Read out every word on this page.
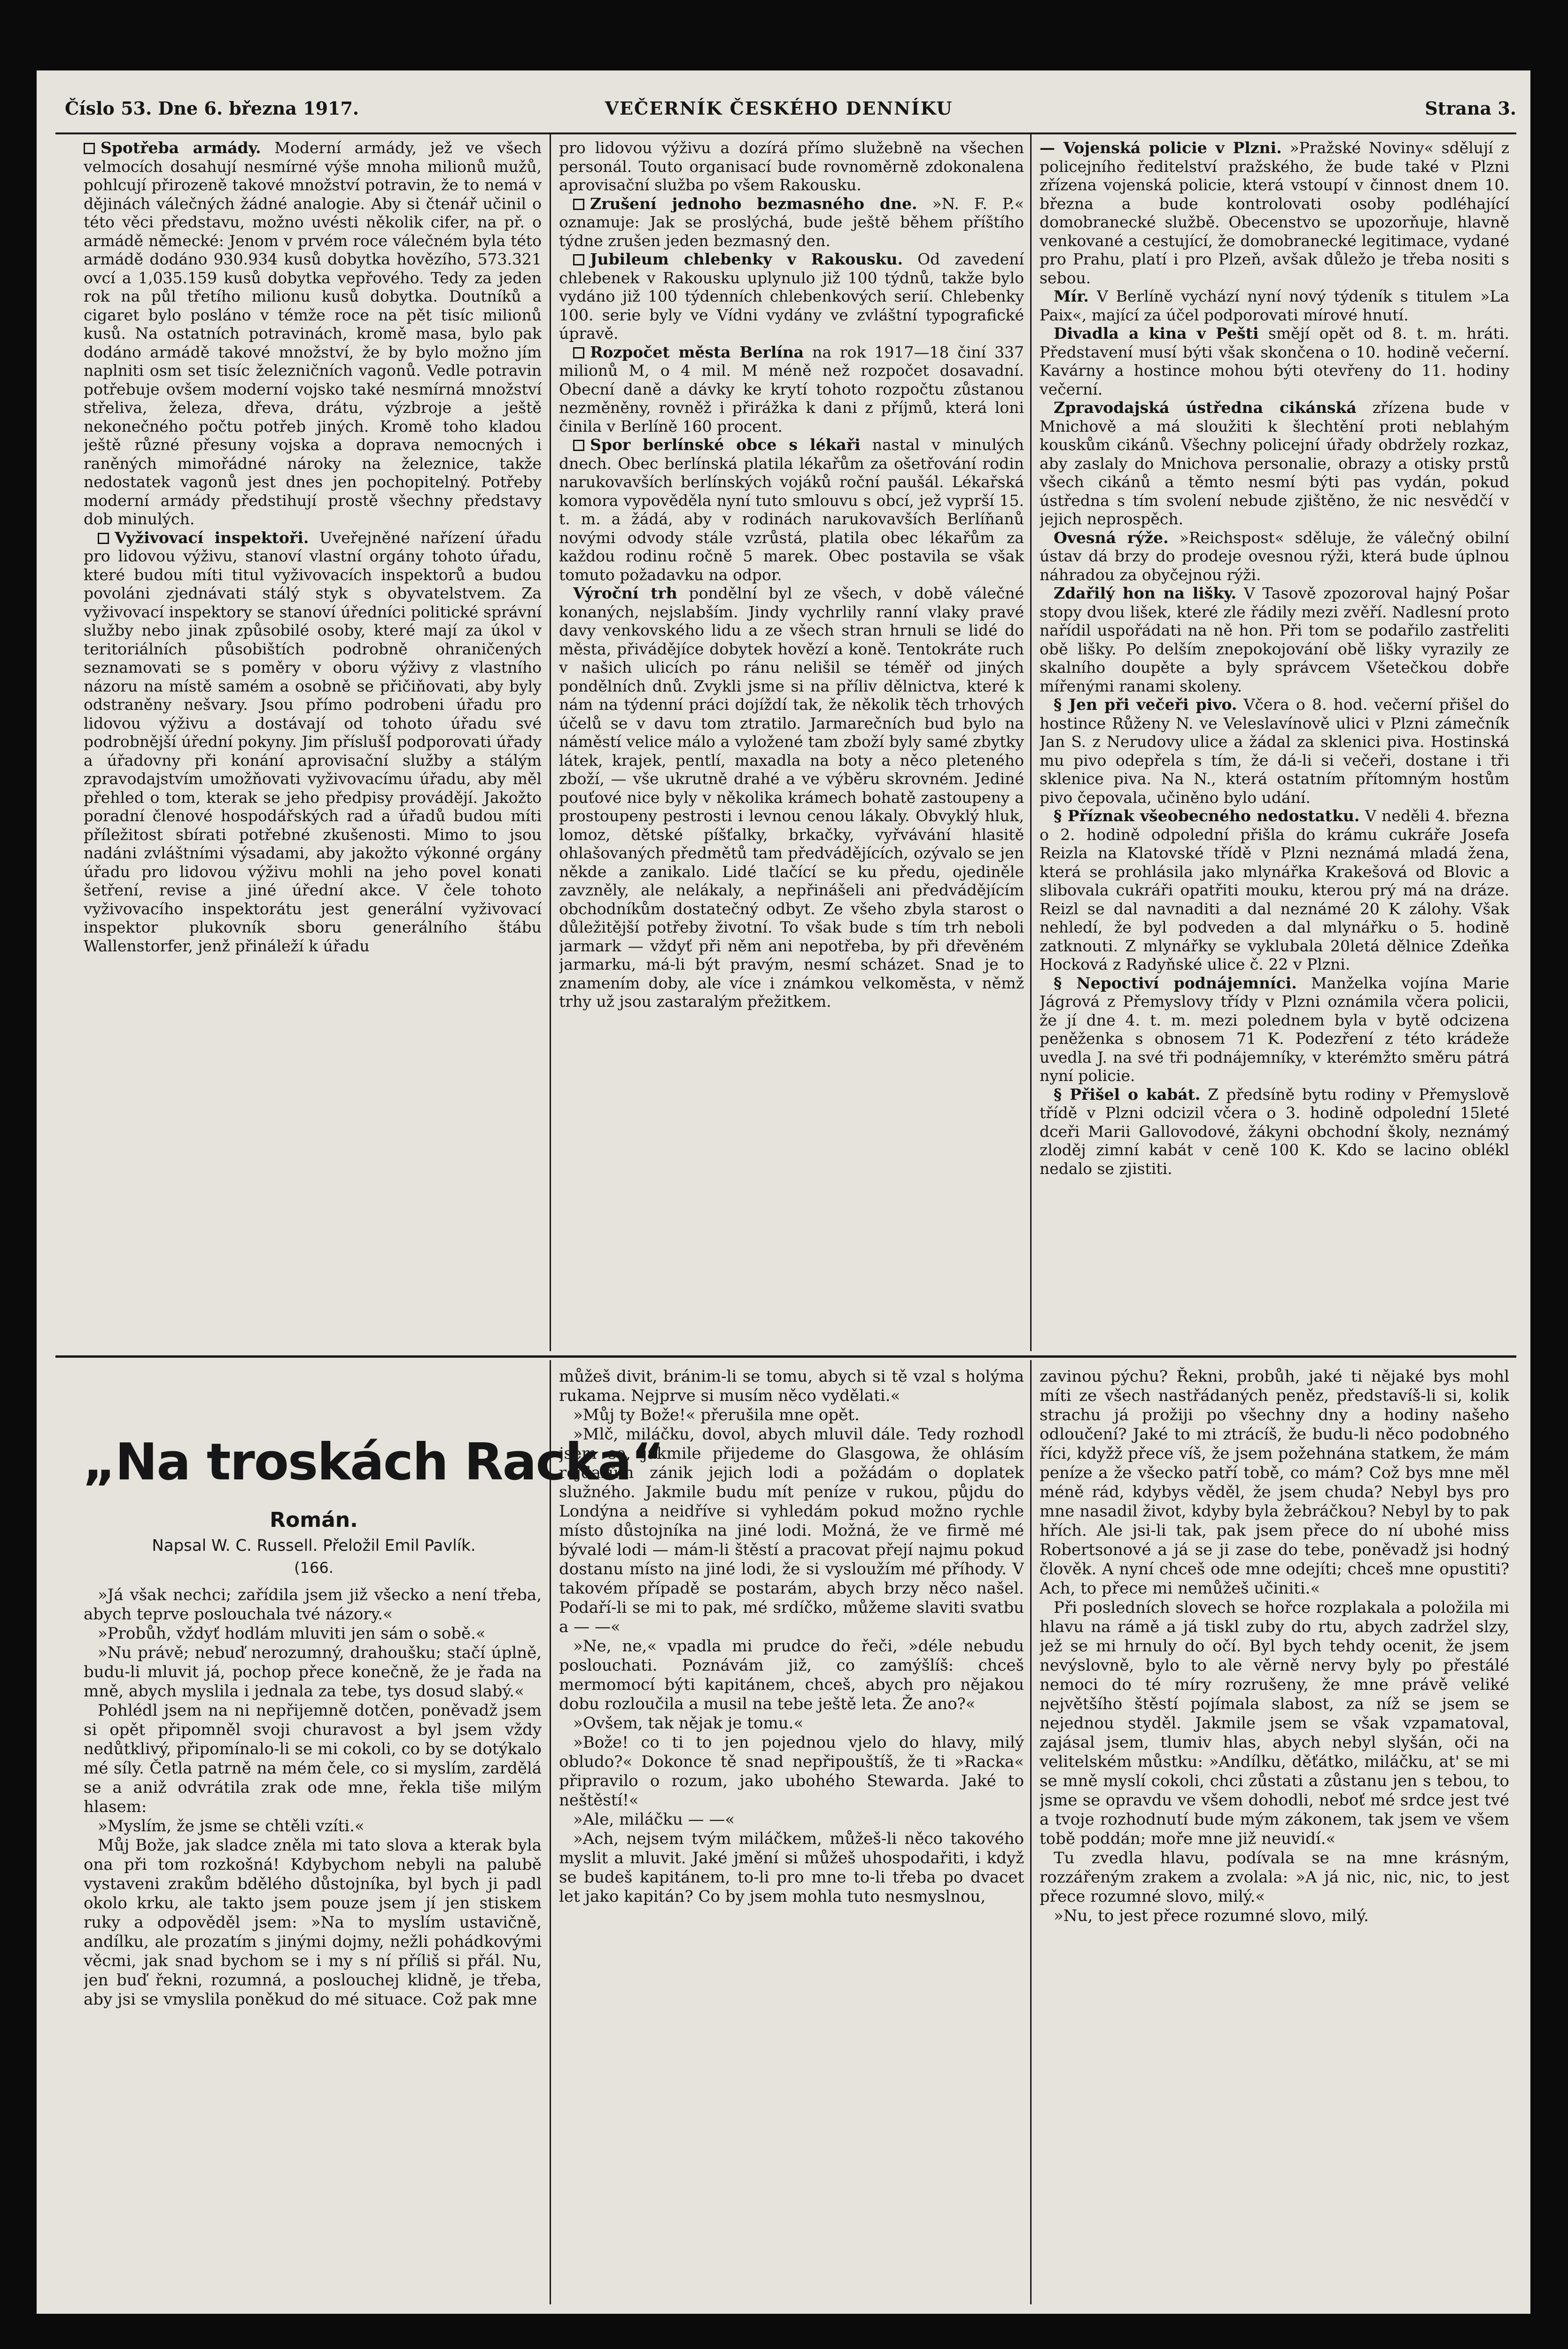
Číslo 53. Dne 6. března 1917.	VEČERNÍK ČESKÉHO DENNÍKU	Strana 3.

Spotřeba armády. Moderní armády, jež ve všech velmocích dosahují nesmírné výše mnoha milionů mužů, pohlcují přirozeně takové množství potravin, že to nemá v dějinách válečných žádné analogie. Aby si čtenář učinil o této věci představu, možno uvésti několik cifer, na př. o armádě německé: Jenom v prvém roce válečném byla této armádě dodáno 930.934 kusů dobytka hovězího, 573.321 ovcí a 1,035.159 kusů dobytka vepřového. Tedy za jeden rok na půl třetího milionu kusů dobytka. Doutníků a cigaret bylo posláno v témže roce na pět tisíc milionů kusů. Na ostatních potravinách, kromě masa, bylo pak dodáno armádě takové množství, že by bylo možno jím naplniti osm set tisíc železničních vagonů. Vedle potravin potřebuje ovšem moderní vojsko také nesmírná množství střeliva, železa, dřeva, drátu, výzbroje a ještě nekonečného počtu potřeb jiných. Kromě toho kladou ještě různé přesuny vojska a doprava nemocných i raněných mimořádné nároky na železnice, takže nedostatek vagonů jest dnes jen pochopitelný. Potřeby moderní armády předstihují prostě všechny představy dob minulých.

Vyživovací inspektoři. Uveřejněné nařízení úřadu pro lidovou výživu, stanoví vlastní orgány tohoto úřadu, které budou míti titul vyživovacích inspektorů a budou povoláni zjednávati stálý styk s obyvatelstvem. Za vyživovací inspektory se stanoví úředníci politické správní služby nebo jinak způsobilé osoby, které mají za úkol v teritoriálních působištích podrobně ohraničených seznamovati se s poměry v oboru výživy z vlastního názoru na místě samém a osobně se přičiňovati, aby byly odstraněny nešvary. Jsou přímo podrobeni úřadu pro lidovou výživu a dostávají od tohoto úřadu své podrobnější úřední pokyny. Jim příslušÍ podporovati úřady a úřadovny při konání aprovisační služby a stálým zpravodajstvím umožňovati vyživovacímu úřadu, aby měl přehled o tom, kterak se jeho předpisy provádějí. Jakožto poradní členové hospodářských rad a úřadů budou míti příležitost sbírati potřebné zkušenosti. Mimo to jsou nadáni zvláštními výsadami, aby jakožto výkonné orgány úřadu pro lidovou výživu mohli na jeho povel konati šetření, revise a jiné úřední akce. V čele tohoto vyživovacího inspektorátu jest generální vyživovací inspektor plukovník sboru generálního štábu Wallenstorfer, jenž přináleží k úřadu

pro lidovou výživu a dozírá přímo služebně na všechen personál. Touto organisací bude rovnoměrně zdokonalena aprovisační služba po všem Rakousku.

Zrušení jednoho bezmasného dne. »N. F. P.« oznamuje: Jak se proslýchá, bude ještě během příštího týdne zrušen jeden bezmasný den.

Jubileum chlebenky v Rakousku. Od zavedení chlebenek v Rakousku uplynulo již 100 týdnů, takže bylo vydáno již 100 týdenních chlebenkových serií. Chlebenky 100. serie byly ve Vídni vydány ve zvláštní typografické úpravě.

Rozpočet města Berlína na rok 1917—18 činí 337 milionů M, o 4 mil. M méně než rozpočet dosavadní. Obecní daně a dávky ke krytí tohoto rozpočtu zůstanou nezměněny, rovněž i přirážka k dani z příjmů, která loni činila v Berlíně 160 procent.

Spor berlínské obce s lékaři nastal v minulých dnech. Obec berlínská platila lékařům za ošetřování rodin narukovavších berlínských vojáků roční paušál. Lékařská komora vypověděla nyní tuto smlouvu s obcí, jež vyprší 15. t. m. a žádá, aby v rodinách narukovavších Berlíňanů novými odvody stále vzrůstá, platila obec lékařům za každou rodinu ročně 5 marek. Obec postavila se však tomuto požadavku na odpor.

Výroční trh pondělní byl ze všech, v době válečné konaných, nejslabším. Jindy vychrlily ranní vlaky pravé davy venkovského lidu a ze všech stran hrnuli se lidé do města, přivádějíce dobytek hovězí a koně. Tentokráte ruch v našich ulicích po ránu nelišil se téměř od jiných pondělních dnů. Zvykli jsme si na příliv dělnictva, které k nám na týdenní práci dojíždí tak, že několik těch trhových účelů se v davu tom ztratilo. Jarmarečních bud bylo na náměstí velice málo a vyložené tam zboží byly samé zbytky látek, krajek, pentlí, maxadla na boty a něco pleteného zboží, — vše ukrutně drahé a ve výběru skrovném. Jediné pouťové nice byly v několika krámech bohatě zastoupeny a prostoupeny pestrosti i levnou cenou lákaly. Obvyklý hluk, lomoz, dětské píšťalky, brkačky, vyřvávání hlasitě ohlašovaných předmětů tam předvádějících, ozývalo se jen někde a zanikalo. Lidé tlačící se ku předu, ojediněle zavzněly, ale nelákaly, a nepřinášeli ani předvádějícím obchodníkům dostatečný odbyt. Ze všeho zbyla starost o důležitější potřeby životní. To však bude s tím trh neboli jarmark — vždyť při něm ani nepotřeba, by při dřevěném jarmarku, má-li být pravým, nesmí scházet. Snad je to znamením doby, ale více i známkou velkoměsta, v němž trhy už jsou zastaralým přežitkem.

— Vojenská policie v Plzni. »Pražské Noviny« sdělují z policejního ředitelství pražského, že bude také v Plzni zřízena vojenská policie, která vstoupí v činnost dnem 10. března a bude kontrolovati osoby podléhající domobranecké službě. Obecenstvo se upozorňuje, hlavně venkované a cestující, že domobranecké legitimace, vydané pro Prahu, platí i pro Plzeň, avšak důležo je třeba nositi s sebou.

Mír. V Berlíně vychází nyní nový týdeník s titulem »La Paix«, mající za účel podporovati mírové hnutí.

Divadla a kina v Pešti smějí opět od 8. t. m. hráti. Představení musí býti však skončena o 10. hodině večerní. Kavárny a hostince mohou býti otevřeny do 11. hodiny večerní.

Zpravodajská ústředna cikánská zřízena bude v Mnichově a má sloužiti k šlechtění proti neblahým kouskům cikánů. Všechny policejní úřady obdržely rozkaz, aby zaslaly do Mnichova personalie, obrazy a otisky prstů všech cikánů a těmto nesmí býti pas vydán, pokud ústředna s tím svolení nebude zjištěno, že nic nesvědčí v jejich neprospěch.

Ovesná rýže. »Reichspost« sděluje, že válečný obilní ústav dá brzy do prodeje ovesnou rýži, která bude úplnou náhradou za obyčejnou rýži.

Zdařilý hon na lišky. V Tasově zpozoroval hajný Pošar stopy dvou lišek, které zle řádily mezi zvěří. Nadlesní proto nařídil uspořádati na ně hon. Při tom se podařilo zastřeliti obě lišky. Po delším znepokojování obě lišky vyrazily ze skalního doupěte a byly správcem Všetečkou dobře mířenými ranami skoleny.

§ Jen při večeři pivo. Včera o 8. hod. večerní přišel do hostince Růženy N. ve Veleslavínově ulici v Plzni zámečník Jan S. z Nerudovy ulice a žádal za sklenici piva. Hostinská mu pivo odepřela s tím, že dá-li si večeři, dostane i tři sklenice piva. Na N., která ostatním přítomným hostům pivo čepovala, učiněno bylo udání.

§ Příznak všeobecného nedostatku. V neděli 4. března o 2. hodině odpolední přišla do krámu cukráře Josefa Reizla na Klatovské třídě v Plzni neznámá mladá žena, která se prohlásila jako mlynářka Krakešová od Blovic a slibovala cukráři opatřiti mouku, kterou prý má na dráze. Reizl se dal navnaditi a dal neznámé 20 K zálohy. Však nehledí, že byl podveden a dal mlynářku o 5. hodině zatknouti. Z mlynářky se vyklubala 20letá dělnice Zdeňka Hocková z Radyňské ulice č. 22 v Plzni.

§ Nepoctiví podnájemníci. Manželka vojína Marie Jágrová z Přemyslovy třídy v Plzni oznámila včera policii, že jí dne 4. t. m. mezi polednem byla v bytě odcizena peněženka s obnosem 71 K. Podezření z této krádeže uvedla J. na své tři podnájemníky, v kterémžto směru pátrá nyní policie.

§ Přišel o kabát. Z předsíně bytu rodiny v Přemyslově třídě v Plzni odcizil včera o 3. hodině odpolední 15leté dceři Marii Gallovodové, žákyni obchodní školy, neznámý zloděj zimní kabát v ceně 100 K. Kdo se lacino oblékl nedalo se zjistiti.

„Na troskách Racka“
Román.
Napsal W. C. Russell. Přeložil Emil Pavlík.
(166.

»Já však nechci; zařídila jsem již všecko a není třeba, abych teprve poslouchala tvé názory.«

»Probůh, vždyť hodlám mluviti jen sám o sobě.«

»Nu právě; nebuď nerozumný, drahoušku; stačí úplně, budu-li mluvit já, pochop přece konečně, že je řada na mně, abych myslila i jednala za tebe, tys dosud slabý.«

Pohlédl jsem na ni nepřijemně dotčen, poněvadž jsem si opět připomněl svoji churavost a byl jsem vždy nedůtklivý, připomínalo-li se mi cokoli, co by se dotýkalo mé síly. Četla patrně na mém čele, co si myslím, zardělá se a aniž odvrátila zrak ode mne, řekla tiše milým hlasem:

»Myslím, že jsme se chtěli vzíti.«

Můj Bože, jak sladce zněla mi tato slova a kterak byla ona při tom rozkošná! Kdybychom nebyli na palubě vystaveni zrakům bdělého důstojníka, byl bych ji padl okolo krku, ale takto jsem pouze jsem jí jen stiskem ruky a odpověděl jsem: »Na to myslím ustavičně, andílku, ale prozatím s jinými dojmy, nežli pohádkovými věcmi, jak snad bychom se i my s ní příliš si přál. Nu, jen buď řekni, rozumná, a poslouchej klidně, je třeba, aby jsi se vmyslila poněkud do mé situace. Což pak mne

můžeš divit, bránim-li se tomu, abych si tě vzal s holýma rukama. Nejprve si musím něco vydělati.«

»Můj ty Bože!« přerušila mne opět.

»Mlč, miláčku, dovol, abych mluvil dále. Tedy rozhodl jsem se, jakmile přijedeme do Glasgowa, že ohlásím rejdařům zánik jejich lodi a požádám o doplatek služného. Jakmile budu mít peníze v rukou, půjdu do Londýna a neidříve si vyhledám pokud možno rychle místo důstojníka na jiné lodi. Možná, že ve firmě mé bývalé lodi — mám-li štěstí a pracovat přejí najmu pokud dostanu místo na jiné lodi, že si vysloužím mé příhody. V takovém případě se postarám, abych brzy něco našel. Podaří-li se mi to pak, mé srdíčko, můžeme slaviti svatbu a — —«

»Ne, ne,« vpadla mi prudce do řeči, »déle nebudu poslouchati. Poznávám již, co zamýšlíš: chceš mermomocí býti kapitánem, chceš, abych pro nějakou dobu rozloučila a musil na tebe ještě leta. Že ano?«

»Ovšem, tak nějak je tomu.«

»Bože! co ti to jen pojednou vjelo do hlavy, milý obludo?« Dokonce tě snad nepřipouštíš, že ti »Racka« připravilo o rozum, jako ubohého Stewarda. Jaké to neštěstí!«

»Ale, miláčku — —«

»Ach, nejsem tvým miláčkem, můžeš-li něco takového myslit a mluvit. Jaké jmění si můžeš uhospodařiti, i když se budeš kapitánem, to-li pro mne to-li třeba po dvacet let jako kapitán? Co by jsem mohla tuto nesmyslnou,

zavinou pýchu? Řekni, probůh, jaké ti nějaké bys mohl míti ze všech nastřádaných peněz, představíš-li si, kolik strachu já prožiji po všechny dny a hodiny našeho odloučení? Jaké to mi ztrácíš, že budu-li něco podobného říci, kdyžž přece víš, že jsem požehnána statkem, že mám peníze a že všecko patří tobě, co mám? Což bys mne měl méně rád, kdybys věděl, že jsem chuda? Nebyl bys pro mne nasadil život, kdyby byla žebráčkou? Nebyl by to pak hřích. Ale jsi-li tak, pak jsem přece do ní ubohé miss Robertsonové a já se ji zase do tebe, poněvadž jsi hodný člověk. A nyní chceš ode mne odejíti; chceš mne opustiti? Ach, to přece mi nemůžeš učiniti.«

Při posledních slovech se hořce rozplakala a položila mi hlavu na rámě a já tiskl zuby do rtu, abych zadržel slzy, jež se mi hrnuly do očí. Byl bych tehdy ocenit, že jsem nevýslovně, bylo to ale věrně nervy byly po přestálé nemoci do té míry rozrušeny, že mne právě veliké největšího štěstí pojímala slabost, za níž se jsem se nejednou styděl. Jakmile jsem se však vzpamatoval, zajásal jsem, tlumiv hlas, abych nebyl slyšán, oči na velitelském můstku: »Andílku, děťátko, miláčku, at' se mi se mně myslí cokoli, chci zůstati a zůstanu jen s tebou, to jsme se opravdu ve všem dohodli, neboť mé srdce jest tvé a tvoje rozhodnutí bude mým zákonem, tak jsem ve všem tobě poddán; moře mne již neuvidí.«

Tu zvedla hlavu, podívala se na mne krásným, rozzářeným zrakem a zvolala: »A já nic, nic, nic, to jest přece rozumné slovo, milý.«

»Nu, to jest přece rozumné slovo, milý.
